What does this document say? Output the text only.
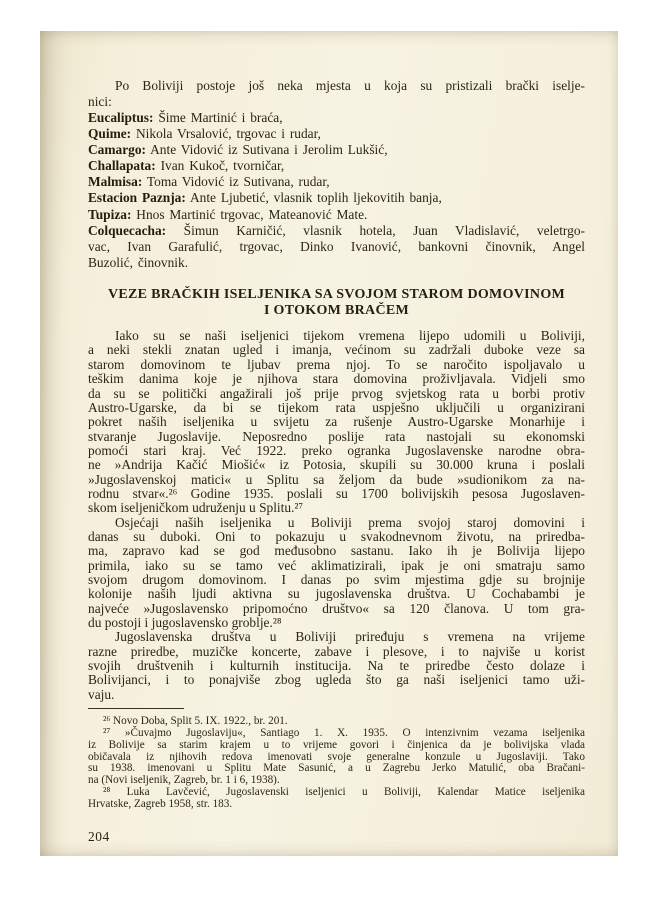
Po Boliviji postoje još neka mjesta u koja su pristizali brački iselje-
nici:
Eucaliptus: Šime Martinić i braća,
Quime: Nikola Vrsalović, trgovac i rudar,
Camargo: Ante Vidović iz Sutivana i Jerolim Lukšić,
Challapata: Ivan Kukoč, tvorničar,
Malmisa: Toma Vidović iz Sutivana, rudar,
Estacion Paznja: Ante Ljubetić, vlasnik toplih ljekovitih banja,
Tupiza: Hnos Martinić trgovac, Mateanović Mate.
Colquecacha: Šimun Karničić, vlasnik hotela, Juan Vladislavić, veletrgo-
vac, Ivan Garafulić, trgovac, Dinko Ivanović, bankovni činovnik, Angel
Buzolić, činovnik.
VEZE BRAČKIH ISELJENIKA SA SVOJOM STAROM DOMOVINOM
I OTOKOM BRAČEM
Iako su se naši iseljenici tijekom vremena lijepo udomili u Boliviji,
a neki stekli znatan ugled i imanja, većinom su zadržali duboke veze sa
starom domovinom te ljubav prema njoj. To se naročito ispoljavalo u
teškim danima koje je njihova stara domovina proživljavala. Vidjeli smo
da su se politički angažirali još prije prvog svjetskog rata u borbi protiv
Austro-Ugarske, da bi se tijekom rata uspješno uključili u organizirani
pokret naših iseljenika u svijetu za rušenje Austro-Ugarske Monarhije i
stvaranje Jugoslavije. Neposredno poslije rata nastojali su ekonomski
pomoći stari kraj. Već 1922. preko ogranka Jugoslavenske narodne obra-
ne »Andrija Kačić Miošić« iz Potosia, skupili su 30.000 kruna i poslali
»Jugoslavenskoj matici« u Splitu sa željom da bude »sudionikom za na-
rodnu stvar«.²⁶ Godine 1935. poslali su 1700 bolivijskih pesosa Jugoslaven-
skom iseljeničkom udruženju u Splitu.²⁷
Osjećaji naših iseljenika u Boliviji prema svojoj staroj domovini i
danas su duboki. Oni to pokazuju u svakodnevnom životu, na priredba-
ma, zapravo kad se god međusobno sastanu. Iako ih je Bolivija lijepo
primila, iako su se tamo već aklimatizirali, ipak je oni smatraju samo
svojom drugom domovinom. I danas po svim mjestima gdje su brojnije
kolonije naših ljudi aktivna su jugoslavenska društva. U Cochabambi je
najveće »Jugoslavensko pripomoćno društvo« sa 120 članova. U tom gra-
du postoji i jugoslavensko groblje.²⁸
Jugoslavenska društva u Boliviji priređuju s vremena na vrijeme
razne priredbe, muzičke koncerte, zabave i plesove, i to najviše u korist
svojih društvenih i kulturnih institucija. Na te priredbe često dolaze i
Bolivijanci, i to ponajviše zbog ugleda što ga naši iseljenici tamo uži-
vaju.
²⁶ Novo Doba, Split 5. IX. 1922., br. 201.
²⁷ »Čuvajmo Jugoslaviju«, Santiago 1. X. 1935. O intenzivnim vezama iseljenika
iz Bolivije sa starim krajem u to vrijeme govori i činjenica da je bolivijska vlada
običavala iz njihovih redova imenovati svoje generalne konzule u Jugoslaviji. Tako
su 1938. imenovani u Splitu Mate Sasunić, a u Zagrebu Jerko Matulić, oba Bračani-
na (Novi iseljenik, Zagreb, br. 1 i 6, 1938).
²⁸ Luka Lavčević, Jugoslavenski iseljenici u Boliviji, Kalendar Matice iseljenika
Hrvatske, Zagreb 1958, str. 183.
204
